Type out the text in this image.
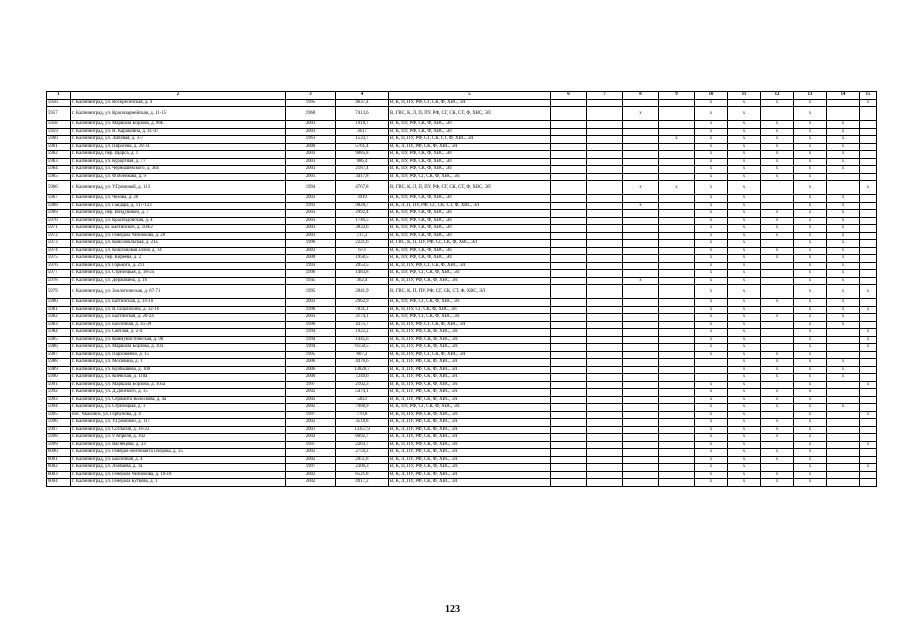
1	2	3	4	5	6	7	8	9	10	11	12	13	14	15
5956	г. Калининград, ул. Воскресенская, д. 4	1995	4637,4	В, К, П, ПУ, РФ, СГ, СК, Ф, ХВС, ЭЛ					x	x	x	x		x
5957	г. Калининград, ул. Красноармейская, д. 11-15	1968	7413,6	В, ГВС, К, Л, П, ПУ, РФ, СГ, СК, СТ, Ф, ХВС, ЭЛ			x		x	x		x		
5958	г. Калининград, ул. Маршала Борзова, д. 98Е	2003	1918,7	В, К, ПУ, РФ, СК, Ф, ХВС, ЭЛ					x	x	x	x	x	
5959	г. Калининград, ул. Н. Карамзина, д. 41-47	2003	3617	В, К, ПУ, РФ, СК, Ф, ХВС, ЭЛ					x	x	x	x	x	
5960	г. Калининград, ул. Липовая, д. 3-7	1961	1533,7	В, К, П, ПУ, РФ, СГ, СК, СТ, Ф, ХВС, ЭЛ				x	x	x	x	x	x	
5961	г. Калининград, ул. Пирогова, д. 29-31	2000	5761,4	В, К, Л, ПУ, РФ, СК, Ф, ХВС, ЭЛ					x	x	x	x	x	
5962	г. Калининград, пер. Щорса, д. 1	2003	9085,8	В, К, ПУ, РФ, СК, Ф, ХВС, ЭЛ					x	x	x	x	x	
5963	г. Калининград, ул. Курортная, д. 77	2003	986,4	В, К, ПУ, РФ, СК, Ф, ХВС, ЭЛ					x	x	x	x	x	
5964	г. Калининград, ул. Чернышевского, д. 36а	2003	2187,4	В, К, ПУ, РФ, СК, Ф, ХВС, ЭЛ					x	x	x	x	x	
5965	г. Калининград, ул. Ф.Воейкова, д. 9	2001	3417,8	В, К, ПУ, РФ, СГ, СК, Ф, ХВС, ЭЛ					x	x	x	x		
5966	г. Калининград, ул. У.Громовой, д. 113	1994	4767,8	В, ГВС, К, Л, П, ПУ, РФ, СГ, СК, СТ, Ф, ХВС, ЭЛ			x	x	x	x		x		x
5967	г. Калининград, ул. Чехова, д. 20	2003	3919	В, К, ПУ, РФ, СК, Ф, ХВС, ЭЛ					x	x		x	x	
5968	г. Калининград, ул. Гайдара, д. 117-123	1993	9828,7	В, К, Л, П, ПУ, РФ, СГ, СК, СТ, Ф, ХВС, ЭЛ			x		x	x		x	x	
5969	г. Калининград, пер. Воздушный, д. 7	2003	2992,4	В, К, ПУ, РФ, СК, Ф, ХВС, ЭЛ					x	x	x	x	x	
5970	г. Калининград, ул. Краснодонская, д. 4	2003	1746,5	В, К, ПУ, РФ, СК, Ф, ХВС, ЭЛ					x	x	x	x	x	
5971	г. Калининград, ш. Балтийское, д. 104/2	2003	3833,6	В, К, ПУ, РФ, СК, Ф, ХВС, ЭЛ					x	x	x	x	x	
5972	г. Калининград, ул. Генерала Челнокова, д. 20	2003	737,2	В, К, ПУ, РФ, СК, Ф, ХВС, ЭЛ					x	x	x	x	x	
5973	г. Калининград, ул. Комсомольская, д. 21а	1996	2221,6	В, ГВС, К, П, ПУ, РФ, СГ, СК, Ф, ХВС, ЭЛ					x	x		x	x	
5974	г. Калининград, ул. Кншгановая аллея, д. 14	2003	673	В, К, ПУ, РФ, СК, Ф, ХВС, ЭЛ					x	x	x	x	x	
5975	г. Калининград, пер. Киреева, д. 2	2000	1958,5	В, К, ПУ, РФ, СК, Ф, ХВС, ЭЛ					x	x	x	x	x	
5976	г. Калининград, ул. Горького, д. 211	1993	2053,5	В, К, П, ПУ, РФ, СГ, СК, Ф, ХВС, ЭЛ					x	x		x	x	
5977	г. Калининград, ул. Стрелецкая, д. 18-24	1996	1483,8	В, К, ПУ, РФ, СГ, СК, Ф, ХВС, ЭЛ					x	x		x	x	
5978	г. Калининград, ул. Державина, д. 16	1945	362,4	В, К, П, ПУ, РФ, СК, Ф, ХВС, ЭЛ			x		x	x		x	x	
5979	г. Калининград, ул. Зоологическая, д. 67-71	1995	2841,9	В, ГВС, К, П, ПУ, РФ, СГ, СК, СТ, Ф, ХВС, ЭЛ					x	x		x	x	x
5980	г. Калининград, ул. Батгийская, д. 14-18	2003	2962,9	В, К, ПУ, РФ, СГ, СК, Ф, ХВС, ЭЛ					x	x	x	x	x	
5981	г. Калининград, ул. В.Талалихина, д. 12-16	1998	7031,1	В, К, П, ПУ, СГ, СК, Ф, ХВС, ЭЛ					x	x		x	x	x
5982	г. Калининград, ул. Балтийская, д. 20-24	2003	3174,1	В, К, ПУ, РФ, СГ, СК, Ф, ХВС, ЭЛ					x	x	x	x	x	
5983	г. Калининград, ул. Бассейная, д. 35-39	1996	4375,7	В, К, П, ПУ, РФ, СГ, СК, Ф, ХВС, ЭЛ					x	x		x	x	
5984	г. Калининград, ул. Светлая, д. 2-4	1994	1922,2	В, К, П, ПУ, РФ, СК, Ф, ХВС, ЭЛ					x	x		x		x
5985	г. Калининград, ул. Коммунистическая, д. 98	1994	1445,6	В, К, П, ПУ, РФ, СК, Ф, ХВС, ЭЛ					x	x		x		x
5986	г. Калининград, ул. Маршала Борзова, д. 103	1994	6150,5	В, К, П, ПУ, РФ, СК, Ф, ХВС, ЭЛ					x	x		x		x
5987	г. Калининград, ул. Пархоменко, д. 15	1995	607,2	В, К, П, ПУ, РФ, СГ, СК, Ф, ХВС, ЭЛ					x	x	x	x		
5988	г. Калининград, ул. Москвина, д. 1	2006	4476,6	В, К, Л, ПУ, РФ, СК, Ф, ХВС, ЭЛ						x	x	x	x	
5989	г. Калининград, ул. Куйбышева, д. 100	2006	13828,7	В, К, Л, ПУ, РФ, СК, Ф, ХВС, ЭЛ						x	x	x	x	
5990	г. Калининград, ул. Киевская, д. 118а	2006	7249,6	В, К, Л, ПУ, РФ, СК, Ф, ХВС, ЭЛ						x	x	x	x	
5991	г. Калининград, ул. Маршала Борзова, д. 105а	1997	2102,3	В, К, П, ПУ, РФ, СК, Ф, ХВС, ЭЛ					x	x		x		x
5992	г. Калининград, ул. Д.Донского, д. 15	2002	5474,1	В, К, Л, ПУ, РФ, СК, Ф, ХВС, ЭЛ					x	x	x	x		
5993	г. Калининград, ул. Сержанта Колоскова, д. 4а	2002	5833	В, К, Л, ПУ, РФ, СК, Ф, ХВС, ЭЛ					x	x	x	x		
5994	г. Калининград, ул. Стрелецкая, д. 1	2002	7988,9	В, К, ПУ, РФ, СГ, СК, Ф, ХВС, ЭЛ					x	x	x	x	x	
5995	пос. Чкаловск, ул. Горбунова, д. 4	1997	770,8	В, К, П, ПУ, РФ, СК, Ф, ХВС, ЭЛ					x	x		x		x
5996	г. Калининград, ул. У.Громовой, д. 117	2002	3518,8	В, К, Л, ПУ, РФ, СК, Ф, ХВС, ЭЛ					x	x	x	x		
5997	г. Калининград, ул. Согласия, д. 16-22	2001	13357,9	В, К, Л, ПУ, РФ, СК, Ф, ХВС, ЭЛ					x	x	x	x		
5998	г. Калининград, ул. 9 Апреля, д. 102	2002	6092,7	В, К, Л, ПУ, РФ, СК, Ф, ХВС, ЭЛ					x	x	x	x		
5999	г. Калининград, ул. Васнецова, д. 33	1997	2263,7	В, К, П, ПУ, РФ, СК, Ф, ХВС, ЭЛ					x	x		x		x
6000	г. Калининград, ул. Генерал-лейтенанта Озерова, д. 15	2002	2759,2	В, К, Л, ПУ, РФ, СК, Ф, ХВС, ЭЛ					x	x	x	x		
6001	г. Калининград, ул. Бассейная, д. 4	2002	2051,8	В, К, Л, ПУ, РФ, СК, Ф, ХВС, ЭЛ					x	x	x	x		
6002	г. Калининград, ул. Азабаева, д. 1а	1997	2306,3	В, К, П, ПУ, РФ, СК, Ф, ХВС, ЭЛ					x	x		x		x
6003	г. Калининград, ул. Генерала Челнокова, д. 10-18	2002	6521,8	В, К, Л, ПУ, РФ, СК, Ф, ХВС, ЭЛ					x	x	x	x		
6004	г. Калининград, ул. Генерала Бутвова, д. 1	2002	4917,2	В, К, Л, ПУ, РФ, СК, Ф, ХВС, ЭЛ					x	x	x	x		
123
